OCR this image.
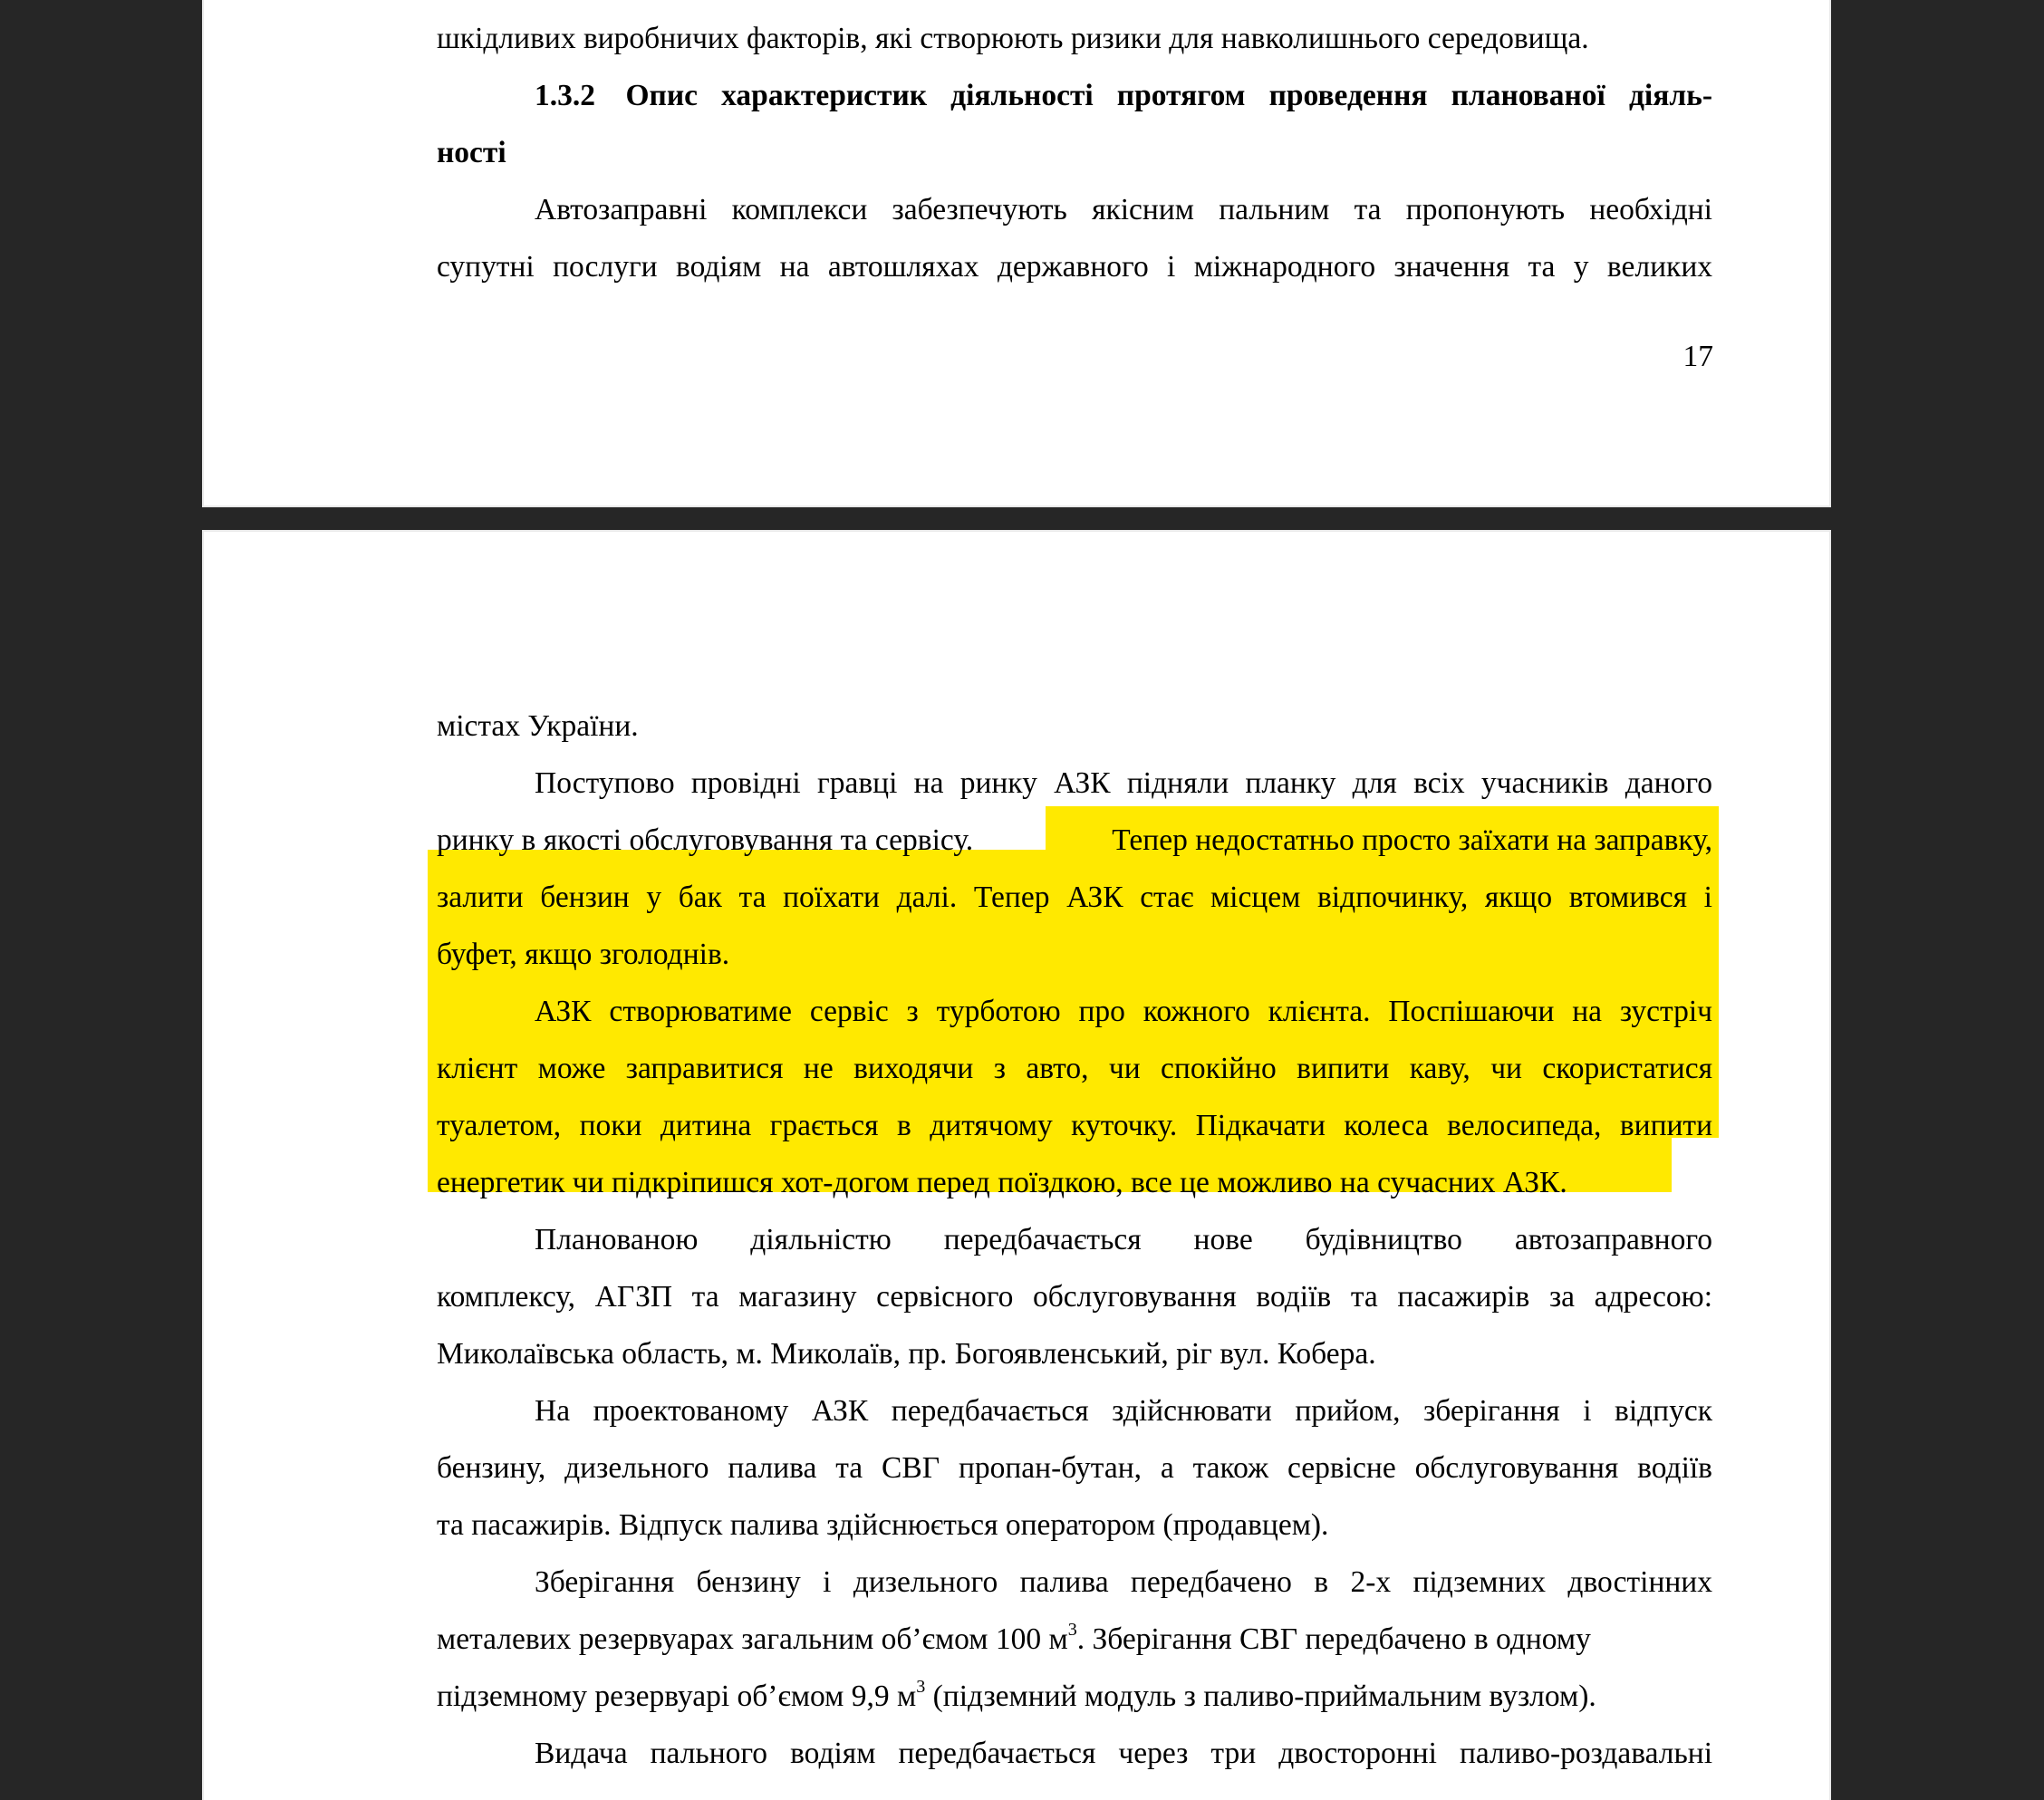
шкідливих виробничих факторів, які створюють ризики для навколишнього середовища.
1.3.2 Опис характеристик діяльності протягом проведення планованої діяль-
ності
Автозаправні комплекси забезпечують якісним пальним та пропонують необхідні
супутні послуги водіям на автошляхах державного і міжнародного значення та у великих
17
містах України.
Поступово провідні гравці на ринку АЗК підняли планку для всіх учасників даного
ринку в якості обслуговування та сервісу.	Тепер недостатньо просто заїхати на заправку,
залити бензин у бак та поїхати далі. Тепер АЗК стає місцем відпочинку, якщо втомився і
буфет, якщо зголоднів.
АЗК створюватиме сервіс з турботою про кожного клієнта. Поспішаючи на зустріч
клієнт може заправитися не виходячи з авто, чи спокійно випити каву, чи скористатися
туалетом, поки дитина грається в дитячому куточку. Підкачати колеса велосипеда, випити
енергетик чи підкріпишся хот-догом перед поїздкою, все це можливо на сучасних АЗК.
Планованою діяльністю передбачається нове будівництво автозаправного
комплексу, АГЗП та магазину сервісного обслуговування водіїв та пасажирів за адресою:
Миколаївська область, м. Миколаїв, пр. Богоявленський, ріг вул. Кобера.
На проектованому АЗК передбачається здійснювати прийом, зберігання і відпуск
бензину, дизельного палива та СВГ пропан-бутан, а також сервісне обслуговування водіїв
та пасажирів. Відпуск палива здійснюється оператором (продавцем).
Зберігання бензину і дизельного палива передбачено в 2-х підземних двостінних
металевих резервуарах загальним об’ємом 100 $м^3$. Зберігання СВГ передбачено в одному
підземному резервуарі об’ємом 9,9 $м^3$ (підземний модуль з паливо-приймальним вузлом).
Видача пального водіям передбачається через три двосторонні паливо-роздавальні
